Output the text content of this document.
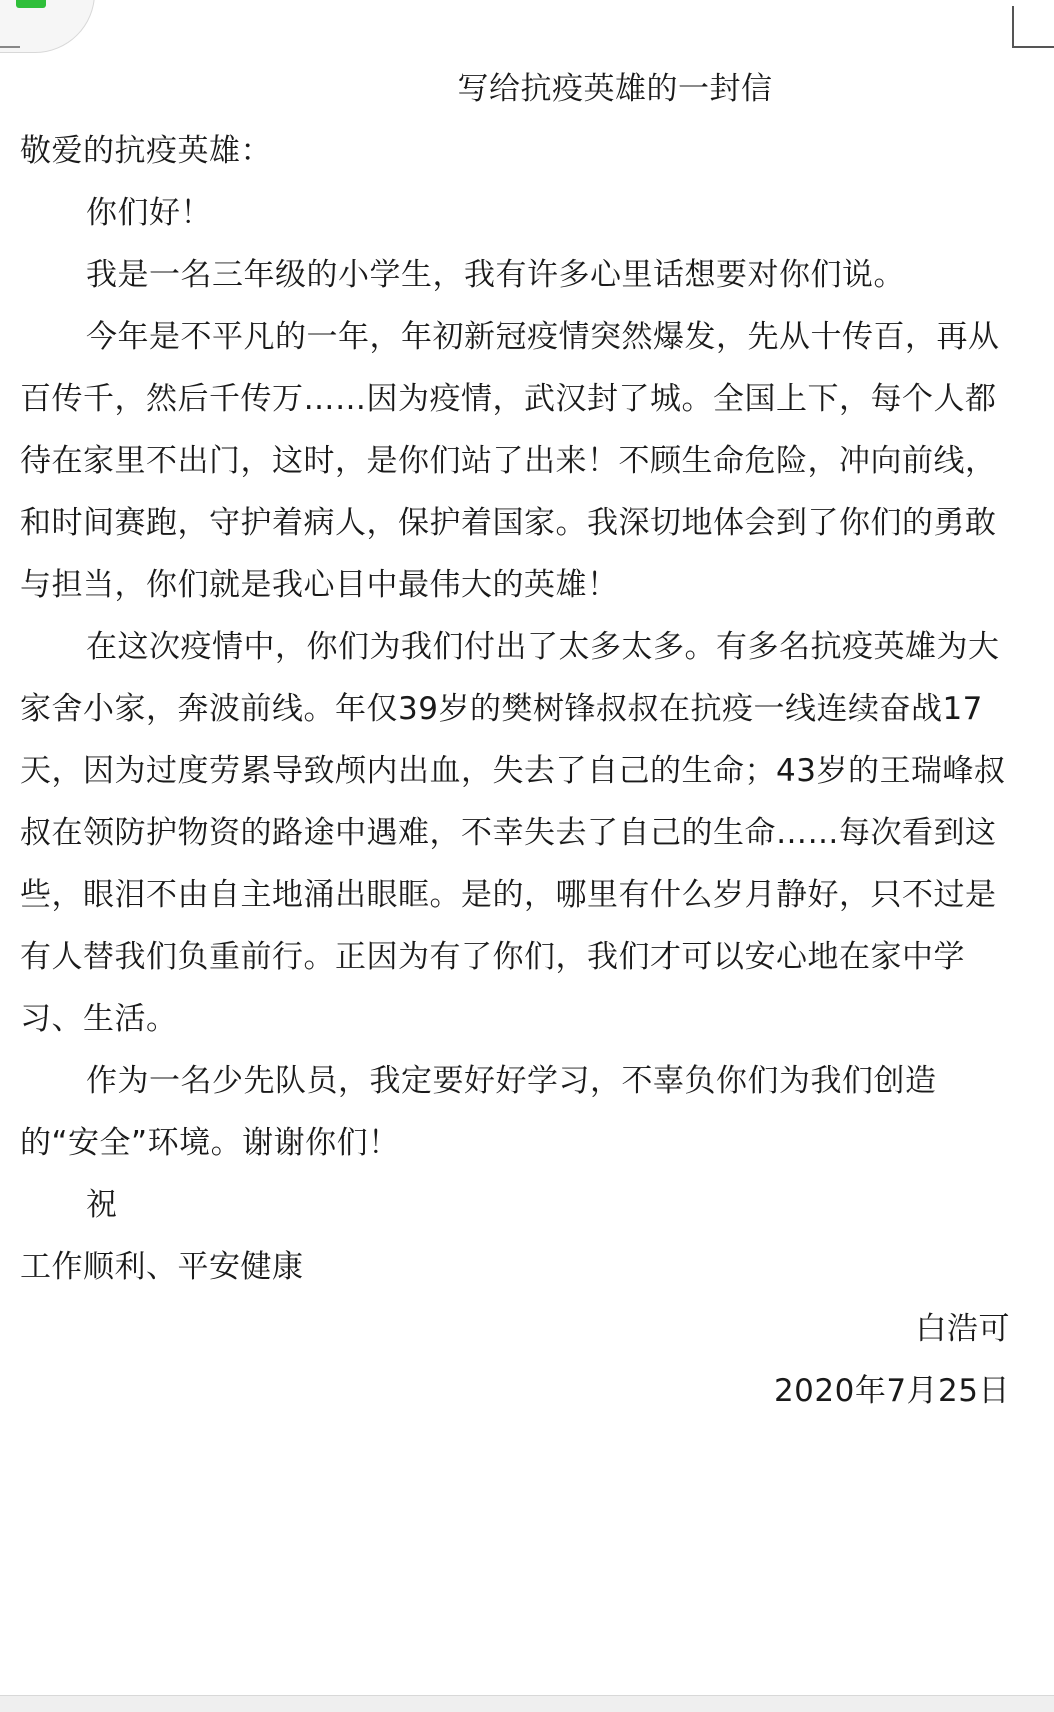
写给抗疫英雄的一封信

敬爱的抗疫英雄：

你们好！

我是一名三年级的小学生，我有许多心里话想要对你们说。

今年是不平凡的一年，年初新冠疫情突然爆发，先从十传百，再从百传千，然后千传万……因为疫情，武汉封了城。全国上下，每个人都待在家里不出门，这时，是你们站了出来！不顾生命危险，冲向前线，和时间赛跑，守护着病人，保护着国家。我深切地体会到了你们的勇敢与担当，你们就是我心目中最伟大的英雄！

在这次疫情中，你们为我们付出了太多太多。有多名抗疫英雄为大家舍小家，奔波前线。年仅39岁的樊树锋叔叔在抗疫一线连续奋战17天，因为过度劳累导致颅内出血，失去了自己的生命；43岁的王瑞峰叔叔在领防护物资的路途中遇难，不幸失去了自己的生命……每次看到这些，眼泪不由自主地涌出眼眶。是的，哪里有什么岁月静好，只不过是有人替我们负重前行。正因为有了你们，我们才可以安心地在家中学习、生活。

作为一名少先队员，我定要好好学习，不辜负你们为我们创造的“安全”环境。谢谢你们！

祝

工作顺利、平安健康

白浩可

2020年7月25日
